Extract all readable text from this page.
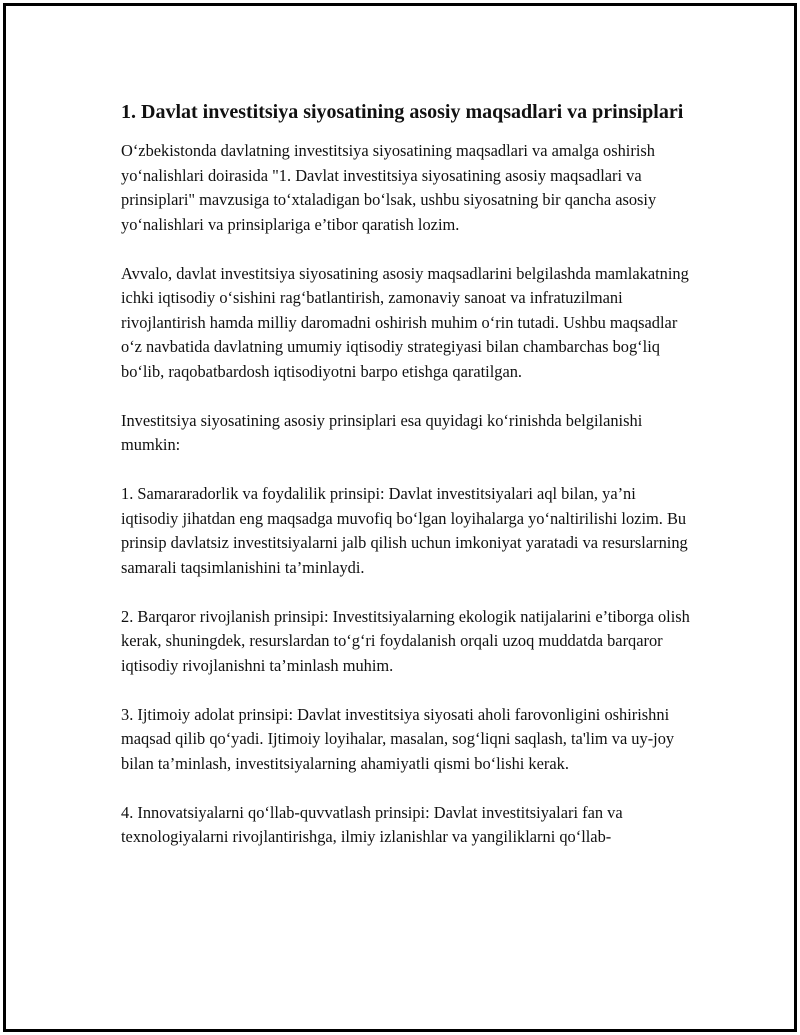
1. Davlat investitsiya siyosatining asosiy maqsadlari va prinsiplari

O‘zbekistonda davlatning investitsiya siyosatining maqsadlari va amalga oshirish yo‘nalishlari doirasida "1. Davlat investitsiya siyosatining asosiy maqsadlari va prinsiplari" mavzusiga to‘xtaladigan bo‘lsak, ushbu siyosatning bir qancha asosiy yo‘nalishlari va prinsiplariga e’tibor qaratish lozim.

Avvalo, davlat investitsiya siyosatining asosiy maqsadlarini belgilashda mamlakatning ichki iqtisodiy o‘sishini rag‘batlantirish, zamonaviy sanoat va infratuzilmani rivojlantirish hamda milliy daromadni oshirish muhim o‘rin tutadi. Ushbu maqsadlar o‘z navbatida davlatning umumiy iqtisodiy strategiyasi bilan chambarchas bog‘liq bo‘lib, raqobatbardosh iqtisodiyotni barpo etishga qaratilgan.

Investitsiya siyosatining asosiy prinsiplari esa quyidagi ko‘rinishda belgilanishi mumkin:

1. Samararadorlik va foydalilik prinsipi: Davlat investitsiyalari aql bilan, ya’ni iqtisodiy jihatdan eng maqsadga muvofiq bo‘lgan loyihalarga yo‘naltirilishi lozim. Bu prinsip davlatsiz investitsiyalarni jalb qilish uchun imkoniyat yaratadi va resurslarning samarali taqsimlanishini ta’minlaydi.

2. Barqaror rivojlanish prinsipi: Investitsiyalarning ekologik natijalarini e’tiborga olish kerak, shuningdek, resurslardan to‘g‘ri foydalanish orqali uzoq muddatda barqaror iqtisodiy rivojlanishni ta’minlash muhim.

3. Ijtimoiy adolat prinsipi: Davlat investitsiya siyosati aholi farovonligini oshirishni maqsad qilib qo‘yadi. Ijtimoiy loyihalar, masalan, sog‘liqni saqlash, ta'lim va uy-joy bilan ta’minlash, investitsiyalarning ahamiyatli qismi bo‘lishi kerak.

4. Innovatsiyalarni qo‘llab-quvvatlash prinsipi: Davlat investitsiyalari fan va texnologiyalarni rivojlantirishga, ilmiy izlanishlar va yangiliklarni qo‘llab-
